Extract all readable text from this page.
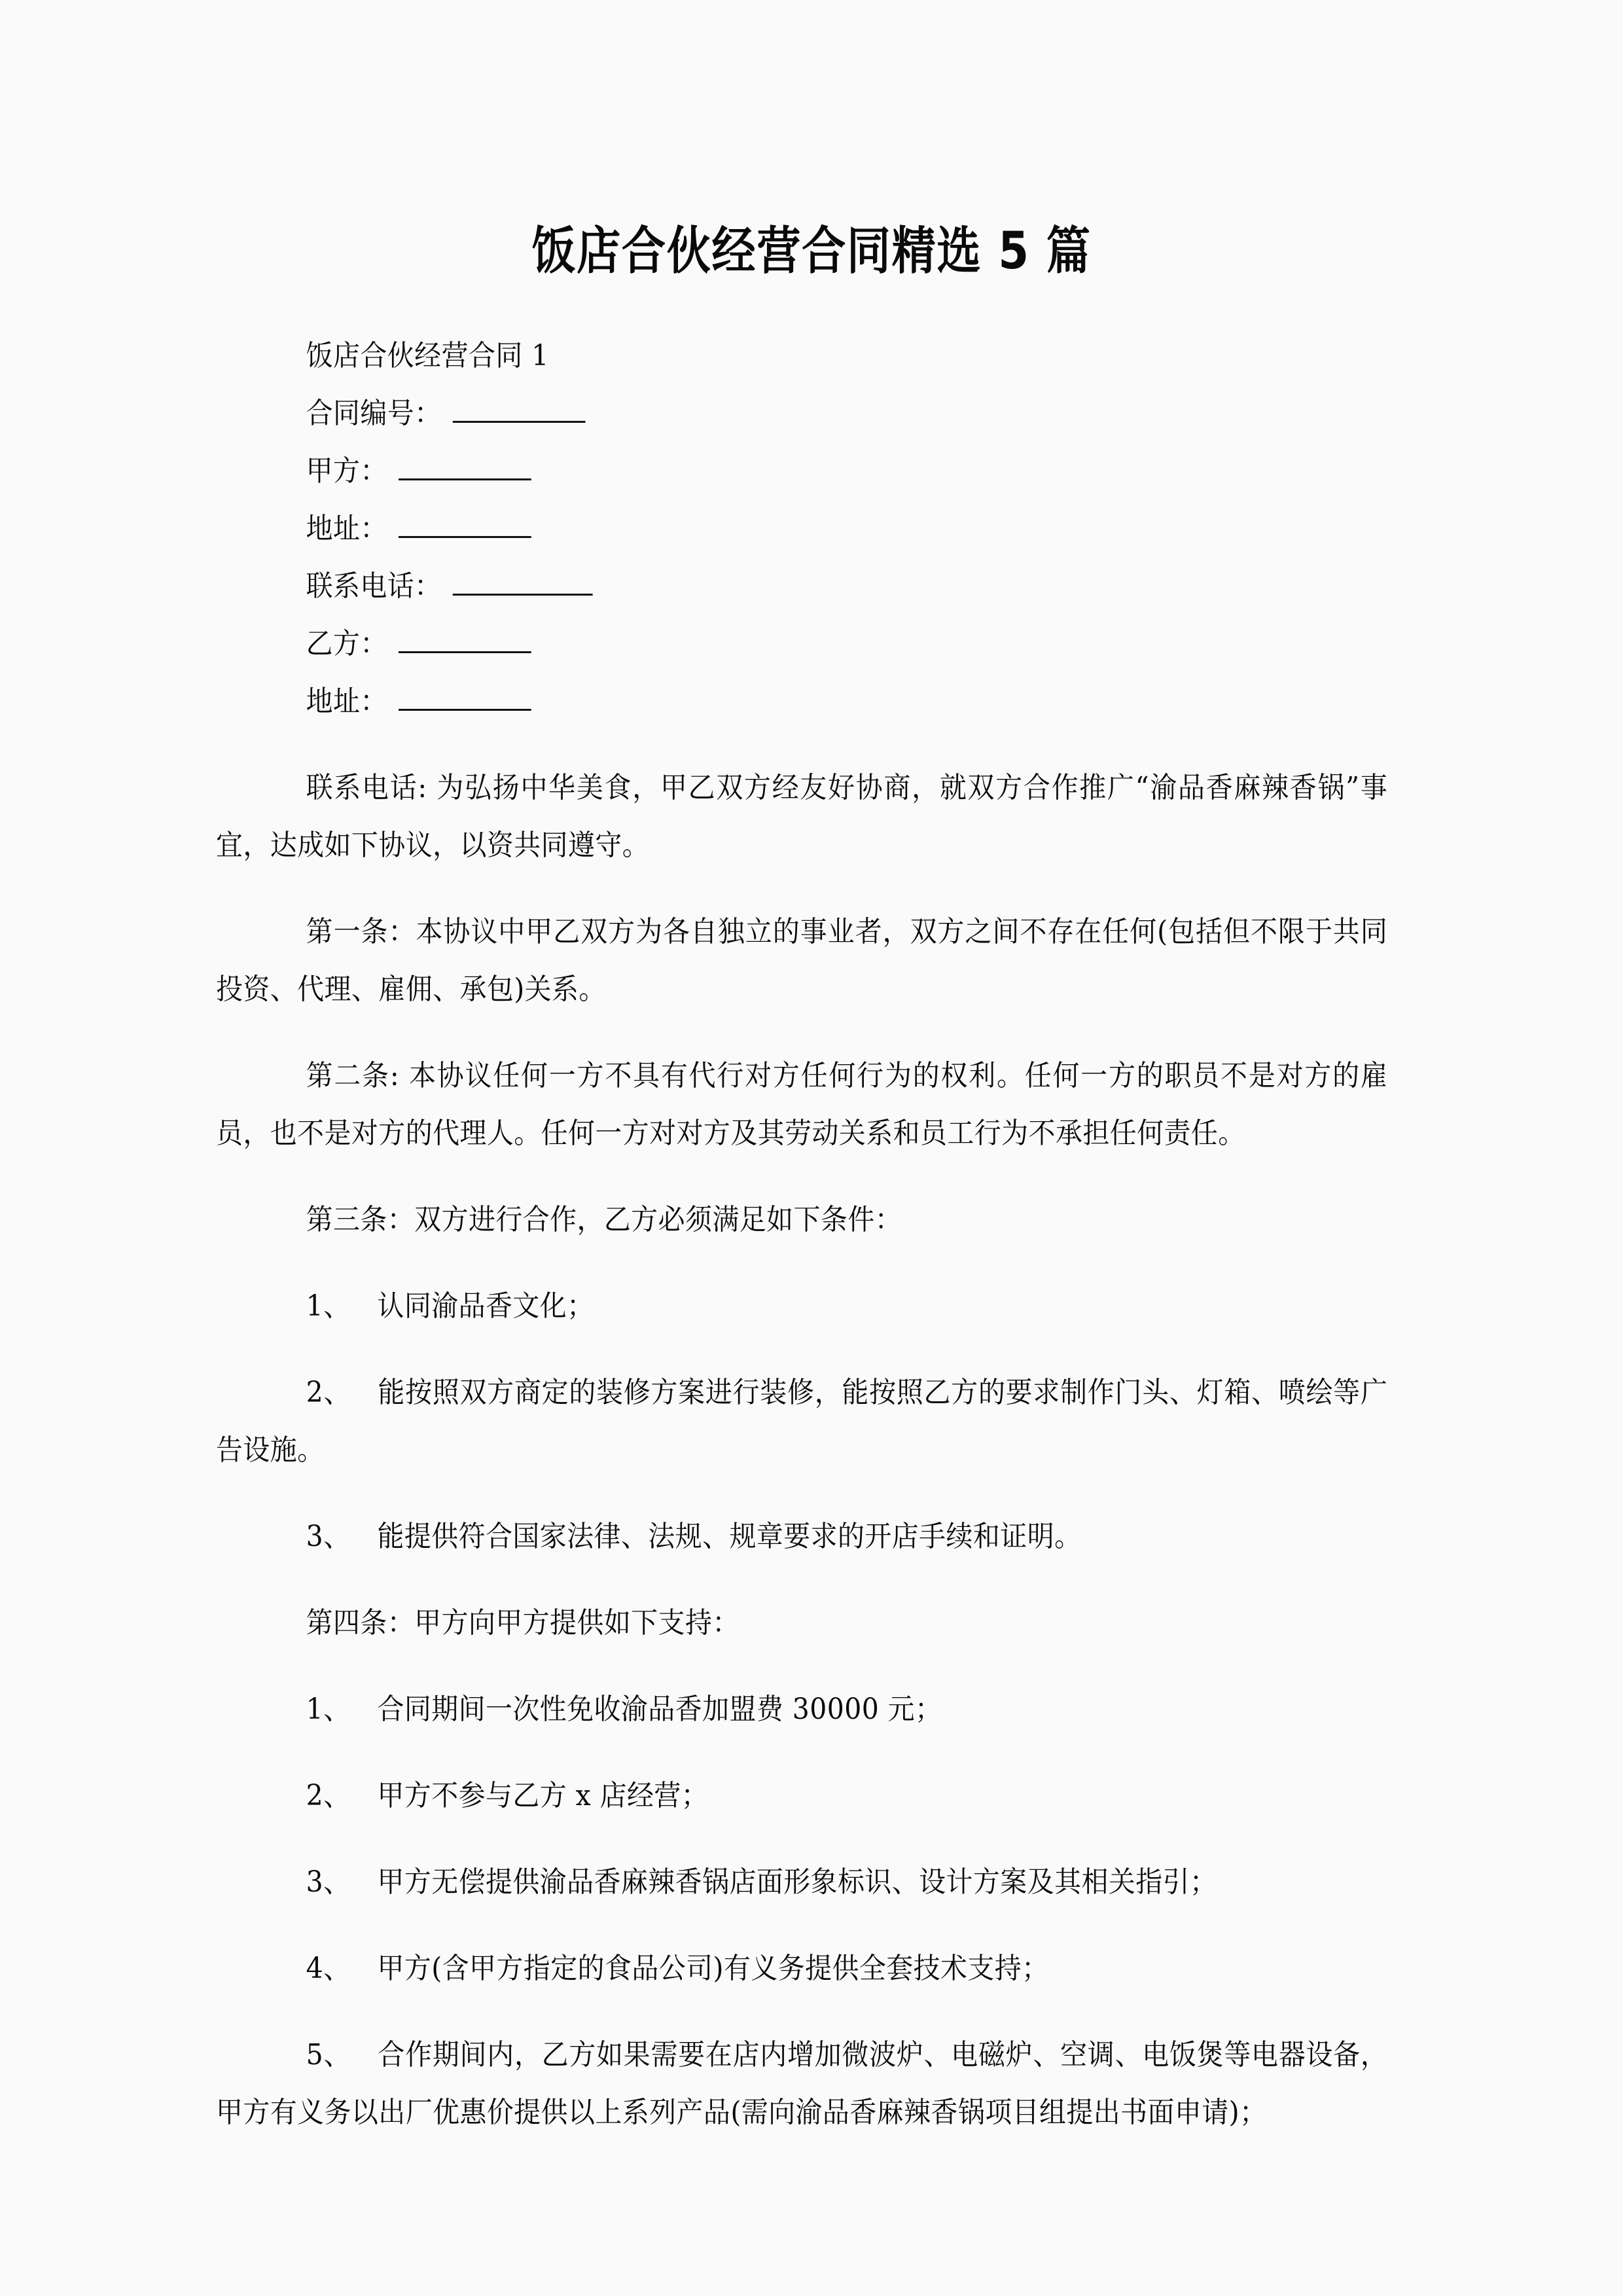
饭店合伙经营合同精选 5 篇
饭店合伙经营合同 1
合同编号：
甲方：
地址：
联系电话：
乙方：
地址：

联系电话: 为弘扬中华美食，甲乙双方经友好协商，就双方合作推广“渝品香麻辣香锅”事宜，达成如下协议，以资共同遵守。

第一条：本协议中甲乙双方为各自独立的事业者，双方之间不存在任何(包括但不限于共同投资、代理、雇佣、承包)关系。

第二条: 本协议任何一方不具有代行对方任何行为的权利。任何一方的职员不是对方的雇员，也不是对方的代理人。任何一方对对方及其劳动关系和员工行为不承担任何责任。

第三条：双方进行合作，乙方必须满足如下条件：

1、 认同渝品香文化；

2、 能按照双方商定的装修方案进行装修，能按照乙方的要求制作门头、灯箱、喷绘等广告设施。

3、 能提供符合国家法律、法规、规章要求的开店手续和证明。

第四条：甲方向甲方提供如下支持：

1、 合同期间一次性免收渝品香加盟费 30000 元；

2、 甲方不参与乙方 x 店经营；

3、 甲方无偿提供渝品香麻辣香锅店面形象标识、设计方案及其相关指引；

4、 甲方(含甲方指定的食品公司)有义务提供全套技术支持；

5、 合作期间内，乙方如果需要在店内增加微波炉、电磁炉、空调、电饭煲等电器设备，甲方有义务以出厂优惠价提供以上系列产品(需向渝品香麻辣香锅项目组提出书面申请)；
